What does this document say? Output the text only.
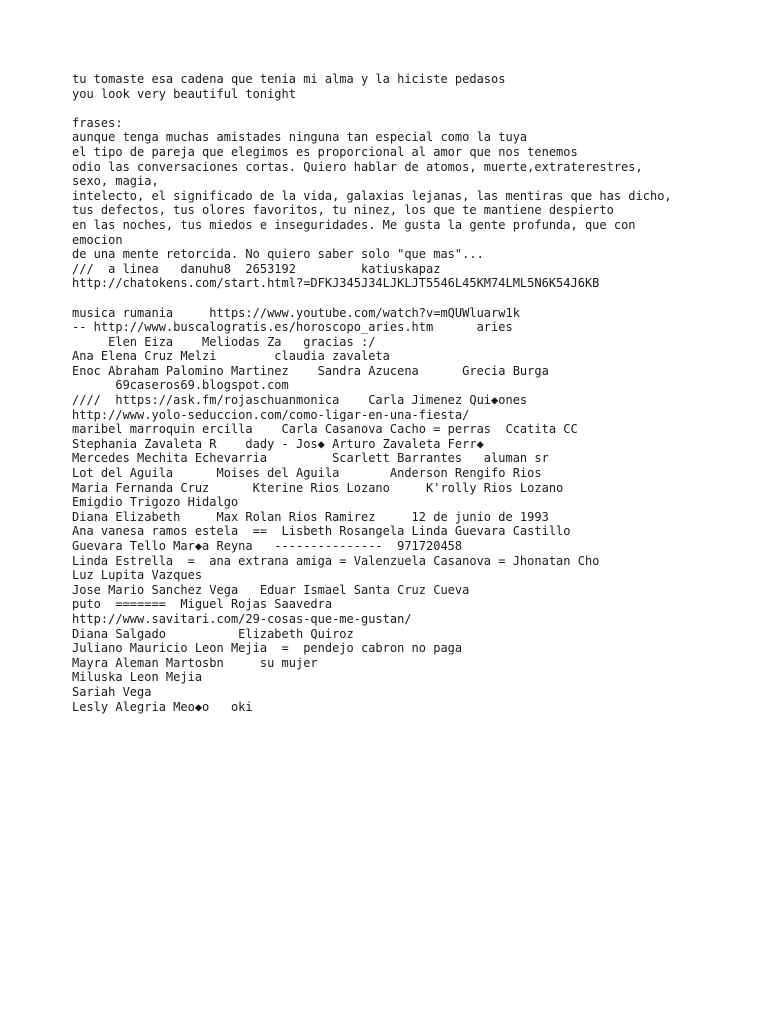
tu tomaste esa cadena que tenia mi alma y la hiciste pedasos
you look very beautiful tonight
frases:
aunque tenga muchas amistades ninguna tan especial como la tuya
el tipo de pareja que elegimos es proporcional al amor que nos tenemos
odio las conversaciones cortas. Quiero hablar de atomos, muerte,extraterestres,
sexo, magia,
intelecto, el significado de la vida, galaxias lejanas, las mentiras que has dicho,
tus defectos, tus olores favoritos, tu ninez, los que te mantiene despierto
en las noches, tus miedos e inseguridades. Me gusta la gente profunda, que con
emocion
de una mente retorcida. No quiero saber solo "que mas"...
///  a linea   danuhu8  2653192         katiuskapaz
http://chatokens.com/start.html?=DFKJ345J34LJKLJT5546L45KM74LML5N6K54J6KB
musica rumania     https://www.youtube.com/watch?v=mQUWluarw1k
-- http://www.buscalogratis.es/horoscopo_aries.htm      aries
Elen Eiza    Meliodas Za   gracias :/
Ana Elena Cruz Melzi        claudia zavaleta
Enoc Abraham Palomino Martinez    Sandra Azucena      Grecia Burga
69caseros69.blogspot.com
////  https://ask.fm/rojaschuanmonica    Carla Jimenez Qui◆ones
http://www.yolo-seduccion.com/como-ligar-en-una-fiesta/
maribel marroquin ercilla    Carla Casanova Cacho = perras  Ccatita CC
Stephania Zavaleta R    dady - Jos◆ Arturo Zavaleta Ferr◆
Mercedes Mechita Echevarria         Scarlett Barrantes   aluman sr
Lot del Aguila      Moises del Aguila       Anderson Rengifo Rios
Maria Fernanda Cruz      Kterine Rios Lozano     K'rolly Rios Lozano
Emigdio Trigozo Hidalgo
Diana Elizabeth     Max Rolan Rios Ramirez     12 de junio de 1993
Ana vanesa ramos estela  ==  Lisbeth Rosangela Linda Guevara Castillo
Guevara Tello Mar◆a Reyna   ---------------  971720458
Linda Estrella  =  ana extrana amiga = Valenzuela Casanova = Jhonatan Cho
Luz Lupita Vazques
Jose Mario Sanchez Vega   Eduar Ismael Santa Cruz Cueva
puto  =======  Miguel Rojas Saavedra
http://www.savitari.com/29-cosas-que-me-gustan/
Diana Salgado          Elizabeth Quiroz
Juliano Mauricio Leon Mejia  =  pendejo cabron no paga
Mayra Aleman Martosbn     su mujer
Miluska Leon Mejia
Sariah Vega
Lesly Alegria Meo◆o   oki
